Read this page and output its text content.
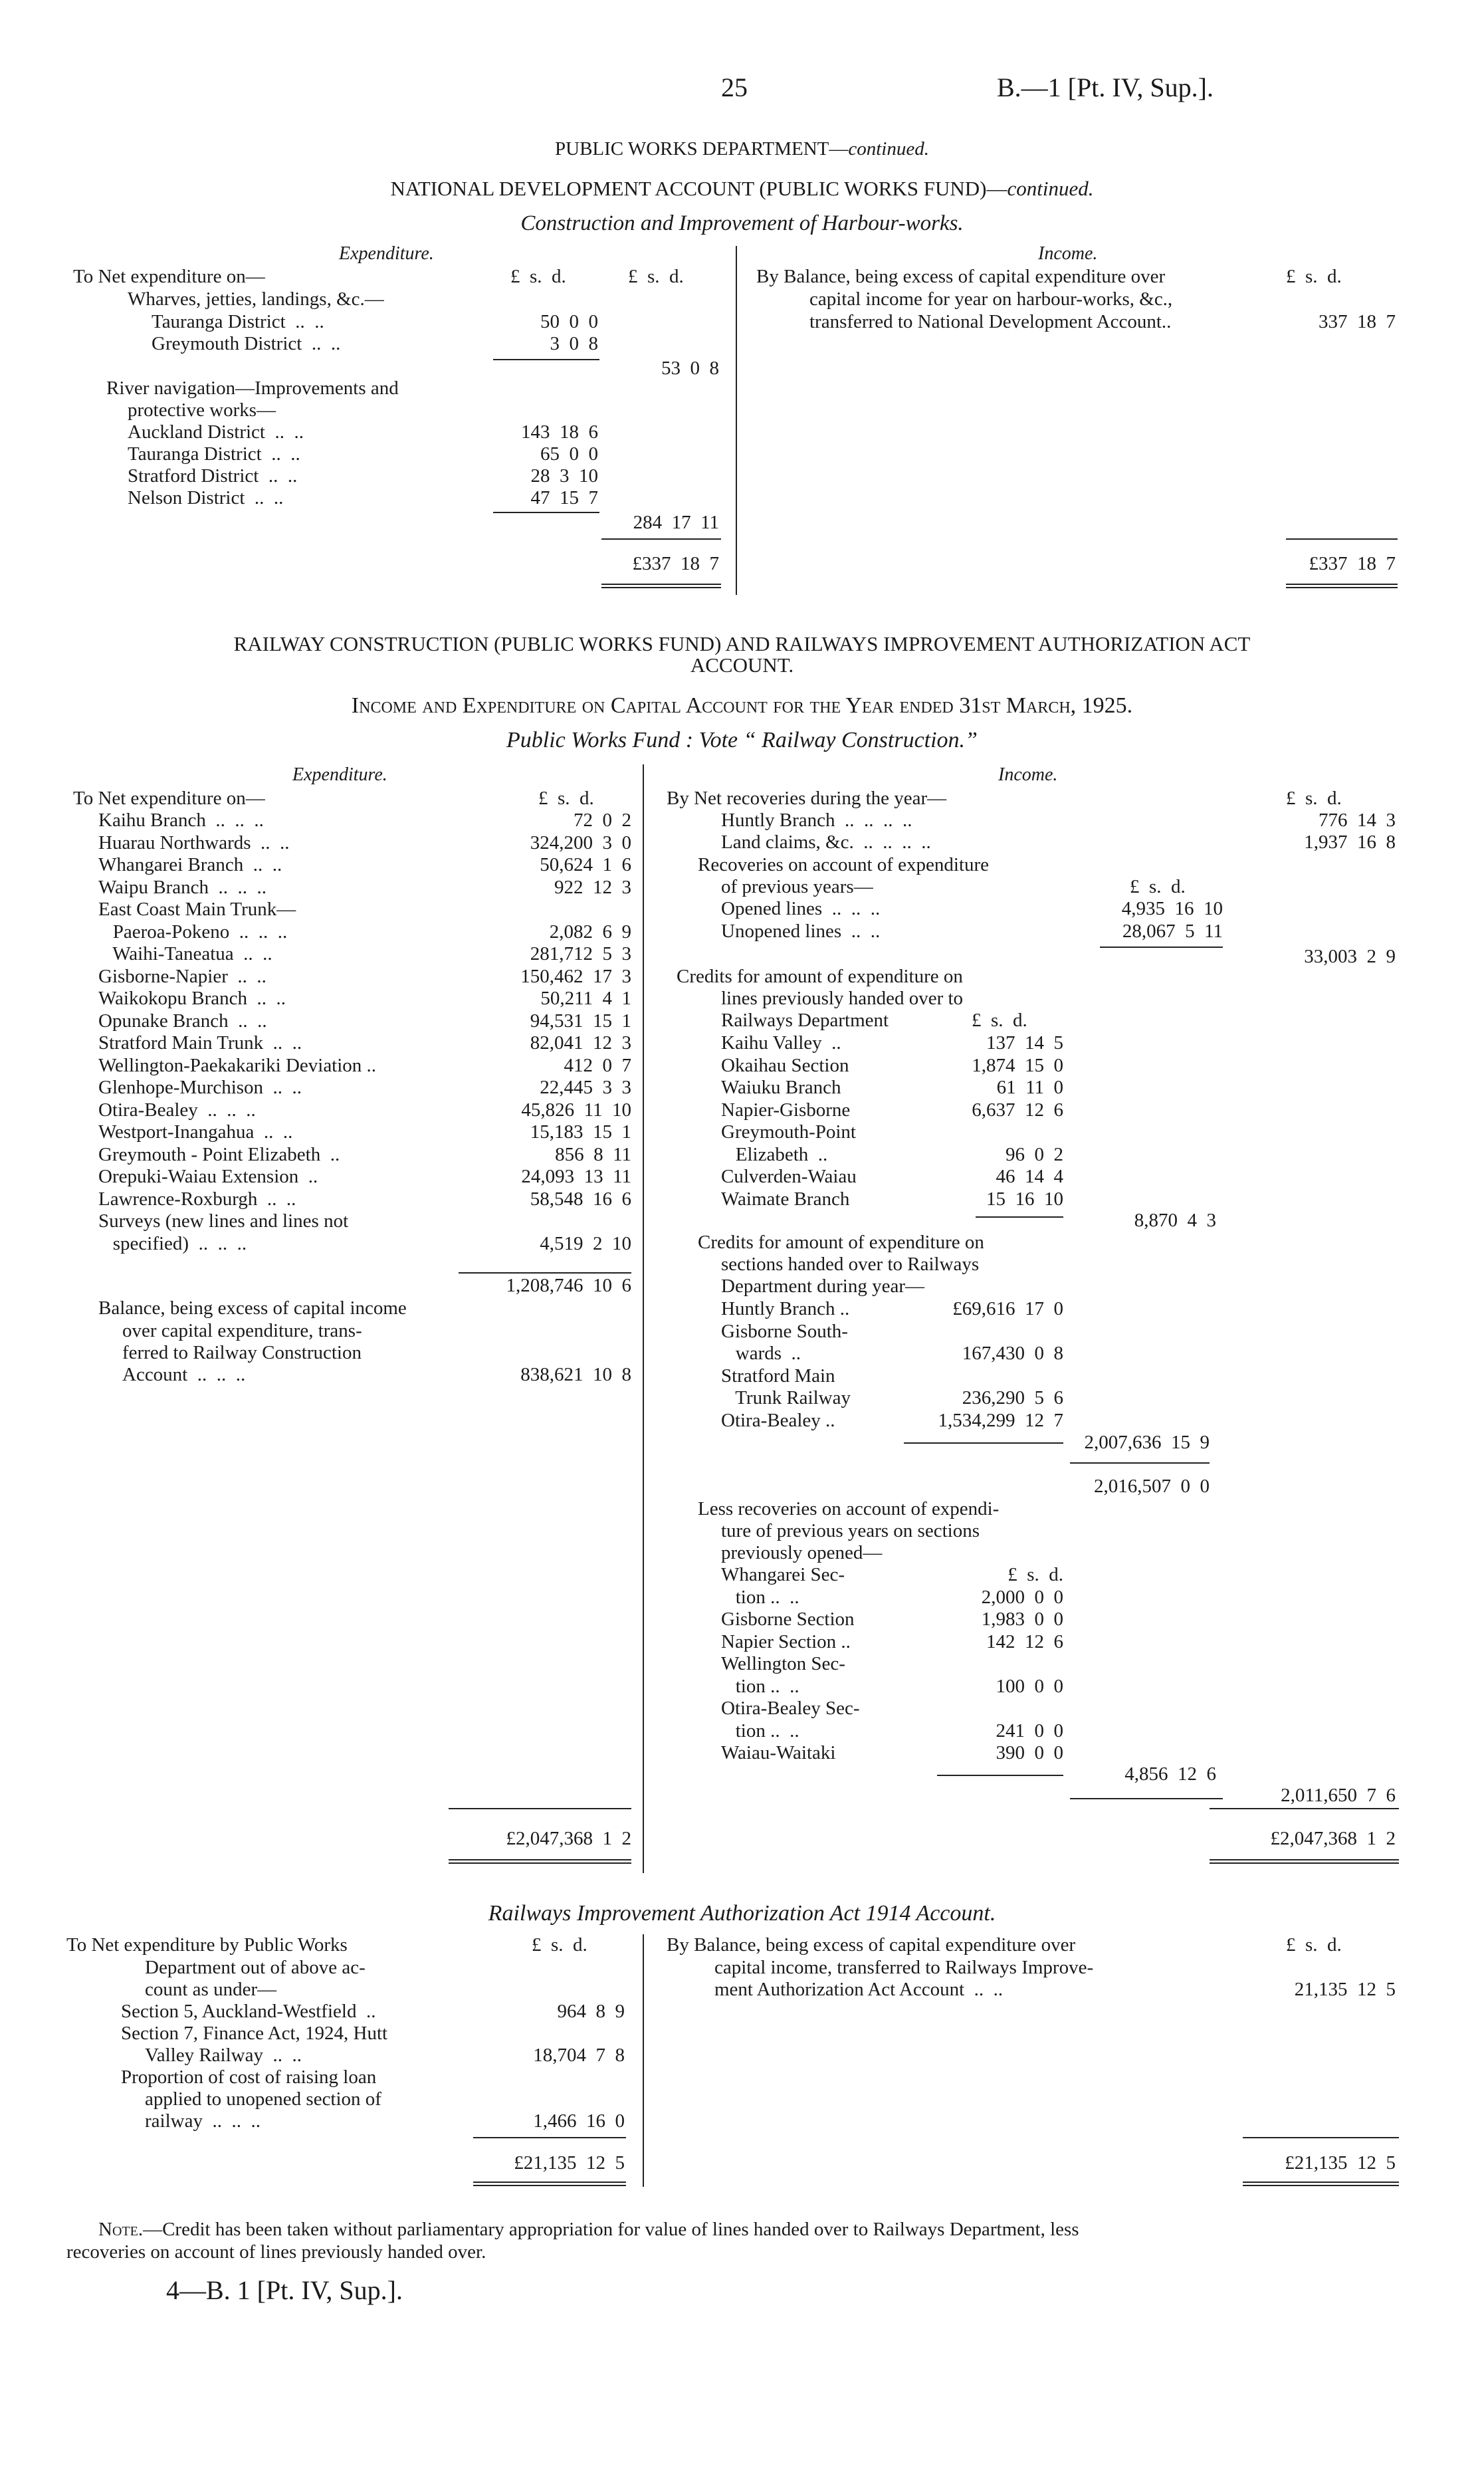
25	B.—1 [Pt. IV, Sup.].
PUBLIC WORKS DEPARTMENT—continued.
NATIONAL DEVELOPMENT ACCOUNT (PUBLIC WORKS FUND)—continued.
Construction and Improvement of Harbour-works.
Expenditure.
To Net expenditure on—	£  s.  d.	£  s.  d.
Wharves, jetties, landings, &c.—
Tauranga District  ..  ..	50  0  0
Greymouth District  ..  ..	3  0  8
53  0  8
River navigation—Improvements and
protective works—
Auckland District  ..  ..	143  18  6
Tauranga District  ..  ..	65  0  0
Stratford District  ..  ..	28  3  10
Nelson District  ..  ..	47  15  7
284  17  11
£337  18  7
Income.
By Balance, being excess of capital expenditure over	£  s.  d.
capital income for year on harbour-works, &c.,
transferred to National Development Account..	337  18  7
£337  18  7
RAILWAY CONSTRUCTION (PUBLIC WORKS FUND) AND RAILWAYS IMPROVEMENT AUTHORIZATION ACT
ACCOUNT.
Income and Expenditure on Capital Account for the Year ended 31st March, 1925.
Public Works Fund : Vote “ Railway Construction.”
Expenditure.
To Net expenditure on—	£  s.  d.
Kaihu Branch  ..  ..  ..	72  0  2
Huarau Northwards  ..  ..	324,200  3  0
Whangarei Branch  ..  ..	50,624  1  6
Waipu Branch  ..  ..  ..	922  12  3
East Coast Main Trunk—
Paeroa-Pokeno  ..  ..  ..	2,082  6  9
Waihi-Taneatua  ..  ..	281,712  5  3
Gisborne-Napier  ..  ..	150,462  17  3
Waikokopu Branch  ..  ..	50,211  4  1
Opunake Branch  ..  ..	94,531  15  1
Stratford Main Trunk  ..  ..	82,041  12  3
Wellington-Paekakariki Deviation ..	412  0  7
Glenhope-Murchison  ..  ..	22,445  3  3
Otira-Bealey  ..  ..  ..	45,826  11  10
Westport-Inangahua  ..  ..	15,183  15  1
Greymouth - Point Elizabeth  ..	856  8  11
Orepuki-Waiau Extension  ..	24,093  13  11
Lawrence-Roxburgh  ..  ..	58,548  16  6
Surveys (new lines and lines not
specified)  ..  ..  ..	4,519  2  10
1,208,746  10  6
Balance, being excess of capital income
over capital expenditure, trans-
ferred to Railway Construction
Account  ..  ..  ..	838,621  10  8
£2,047,368  1  2
Income.
By Net recoveries during the year—	£  s.  d.
Huntly Branch  ..  ..  ..  ..	776  14  3
Land claims, &c.  ..  ..  ..  ..	1,937  16  8
Recoveries on account of expenditure
of previous years—	£  s.  d.
Opened lines  ..  ..  ..	4,935  16  10
Unopened lines  ..  ..	28,067  5  11
33,003  2  9
Credits for amount of expenditure on
lines previously handed over to
Railways Department	£  s.  d.
Kaihu Valley  ..	137  14  5
Okaihau Section	1,874  15  0
Waiuku Branch	61  11  0
Napier-Gisborne	6,637  12  6
Greymouth-Point
Elizabeth  ..	96  0  2
Culverden-Waiau	46  14  4
Waimate Branch	15  16  10
8,870  4  3
Credits for amount of expenditure on
sections handed over to Railways
Department during year—
Huntly Branch ..	£69,616  17  0
Gisborne South-
wards  ..	167,430  0  8
Stratford Main
Trunk Railway	236,290  5  6
Otira-Bealey ..	1,534,299  12  7
2,007,636  15  9
2,016,507  0  0
Less recoveries on account of expendi-
ture of previous years on sections
previously opened—
Whangarei Sec-	£  s.  d.
tion ..  ..	2,000  0  0
Gisborne Section	1,983  0  0
Napier Section ..	142  12  6
Wellington Sec-
tion ..  ..	100  0  0
Otira-Bealey Sec-
tion ..  ..	241  0  0
Waiau-Waitaki	390  0  0
4,856  12  6
2,011,650  7  6
£2,047,368  1  2
Railways Improvement Authorization Act 1914 Account.
To Net expenditure by Public Works	£  s.  d.
Department out of above ac-
count as under—
Section 5, Auckland-Westfield  ..	964  8  9
Section 7, Finance Act, 1924, Hutt
Valley Railway  ..  ..	18,704  7  8
Proportion of cost of raising loan
applied to unopened section of
railway  ..  ..  ..	1,466  16  0
£21,135  12  5
By Balance, being excess of capital expenditure over	£  s.  d.
capital income, transferred to Railways Improve-
ment Authorization Act Account  ..  ..	21,135  12  5
£21,135  12  5
Note.—Credit has been taken without parliamentary appropriation for value of lines handed over to Railways Department, less
recoveries on account of lines previously handed over.
4—B. 1 [Pt. IV, Sup.].
